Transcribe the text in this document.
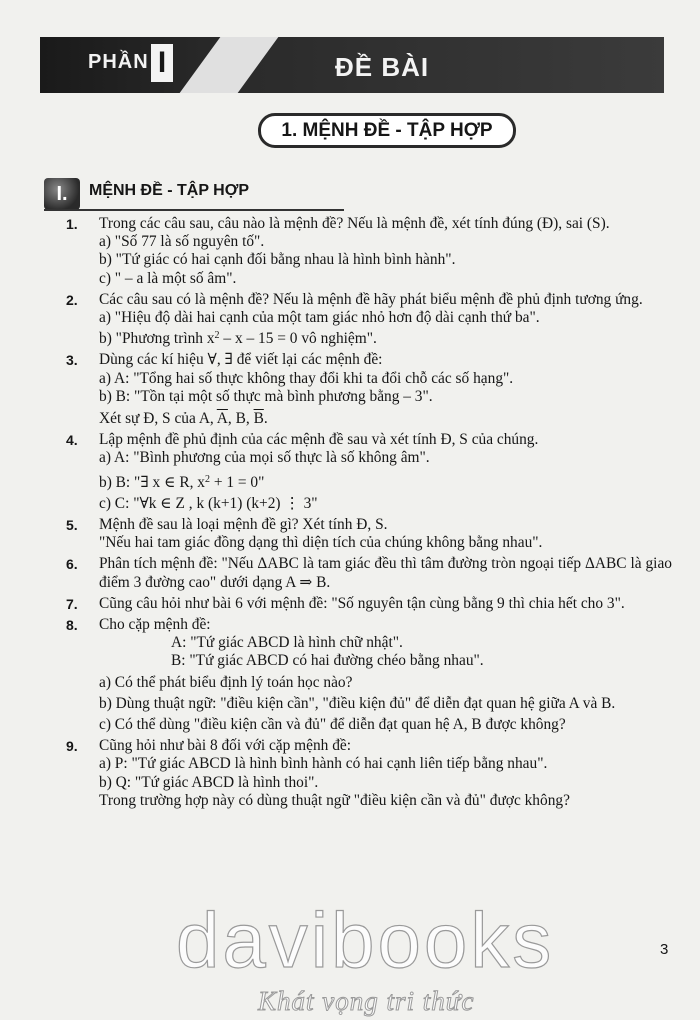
PHẦN I	ĐỀ BÀI
1. MỆNH ĐỀ - TẬP HỢP
I.	MỆNH ĐỀ - TẬP HỢP
1. Trong các câu sau, câu nào là mệnh đề? Nếu là mệnh đề, xét tính đúng (Đ), sai (S).
a) "Số 77 là số nguyên tố".
b) "Tứ giác có hai cạnh đối bằng nhau là hình bình hành".
c) " – a là một số âm".
2. Các câu sau có là mệnh đề? Nếu là mệnh đề hãy phát biểu mệnh đề phủ định tương ứng.
a) "Hiệu độ dài hai cạnh của một tam giác nhỏ hơn độ dài cạnh thứ ba".
b) "Phương trình $x^2 - x - 15 = 0$ vô nghiệm".
3. Dùng các kí hiệu ∀, ∃ để viết lại các mệnh đề:
a) A: "Tổng hai số thực không thay đổi khi ta đổi chỗ các số hạng".
b) B: "Tồn tại một số thực mà bình phương bằng – 3".
Xét sự Đ, S của A, $\overline{A}$, B, $\overline{B}$.
4. Lập mệnh đề phủ định của các mệnh đề sau và xét tính Đ, S của chúng.
a) A: "Bình phương của mọi số thực là số không âm".
b) B: "∃ x ∈ R, $x^2 + 1 = 0$"
c) C: "∀k ∈ Z , k (k+1) (k+2) ⋮ 3"
5. Mệnh đề sau là loại mệnh đề gì? Xét tính Đ, S.
"Nếu hai tam giác đồng dạng thì diện tích của chúng không bằng nhau".
6. Phân tích mệnh đề: "Nếu ΔABC là tam giác đều thì tâm đường tròn ngoại tiếp ΔABC là giao điểm 3 đường cao" dưới dạng A ⇒ B.
7. Cũng câu hỏi như bài 6 với mệnh đề: "Số nguyên tận cùng bằng 9 thì chia hết cho 3".
8. Cho cặp mệnh đề:
A: "Tứ giác ABCD là hình chữ nhật".
B: "Tứ giác ABCD có hai đường chéo bằng nhau".
a) Có thể phát biểu định lý toán học nào?
b) Dùng thuật ngữ: "điều kiện cần", "điều kiện đủ" để diễn đạt quan hệ giữa A và B.
c) Có thể dùng "điều kiện cần và đủ" để diễn đạt quan hệ A, B được không?
9. Cũng hỏi như bài 8 đối với cặp mệnh đề:
a) P: "Tứ giác ABCD là hình bình hành có hai cạnh liên tiếp bằng nhau".
b) Q: "Tứ giác ABCD là hình thoi".
Trong trường hợp này có dùng thuật ngữ "điều kiện cần và đủ" được không?
davibooks
Khát vọng tri thức
3
